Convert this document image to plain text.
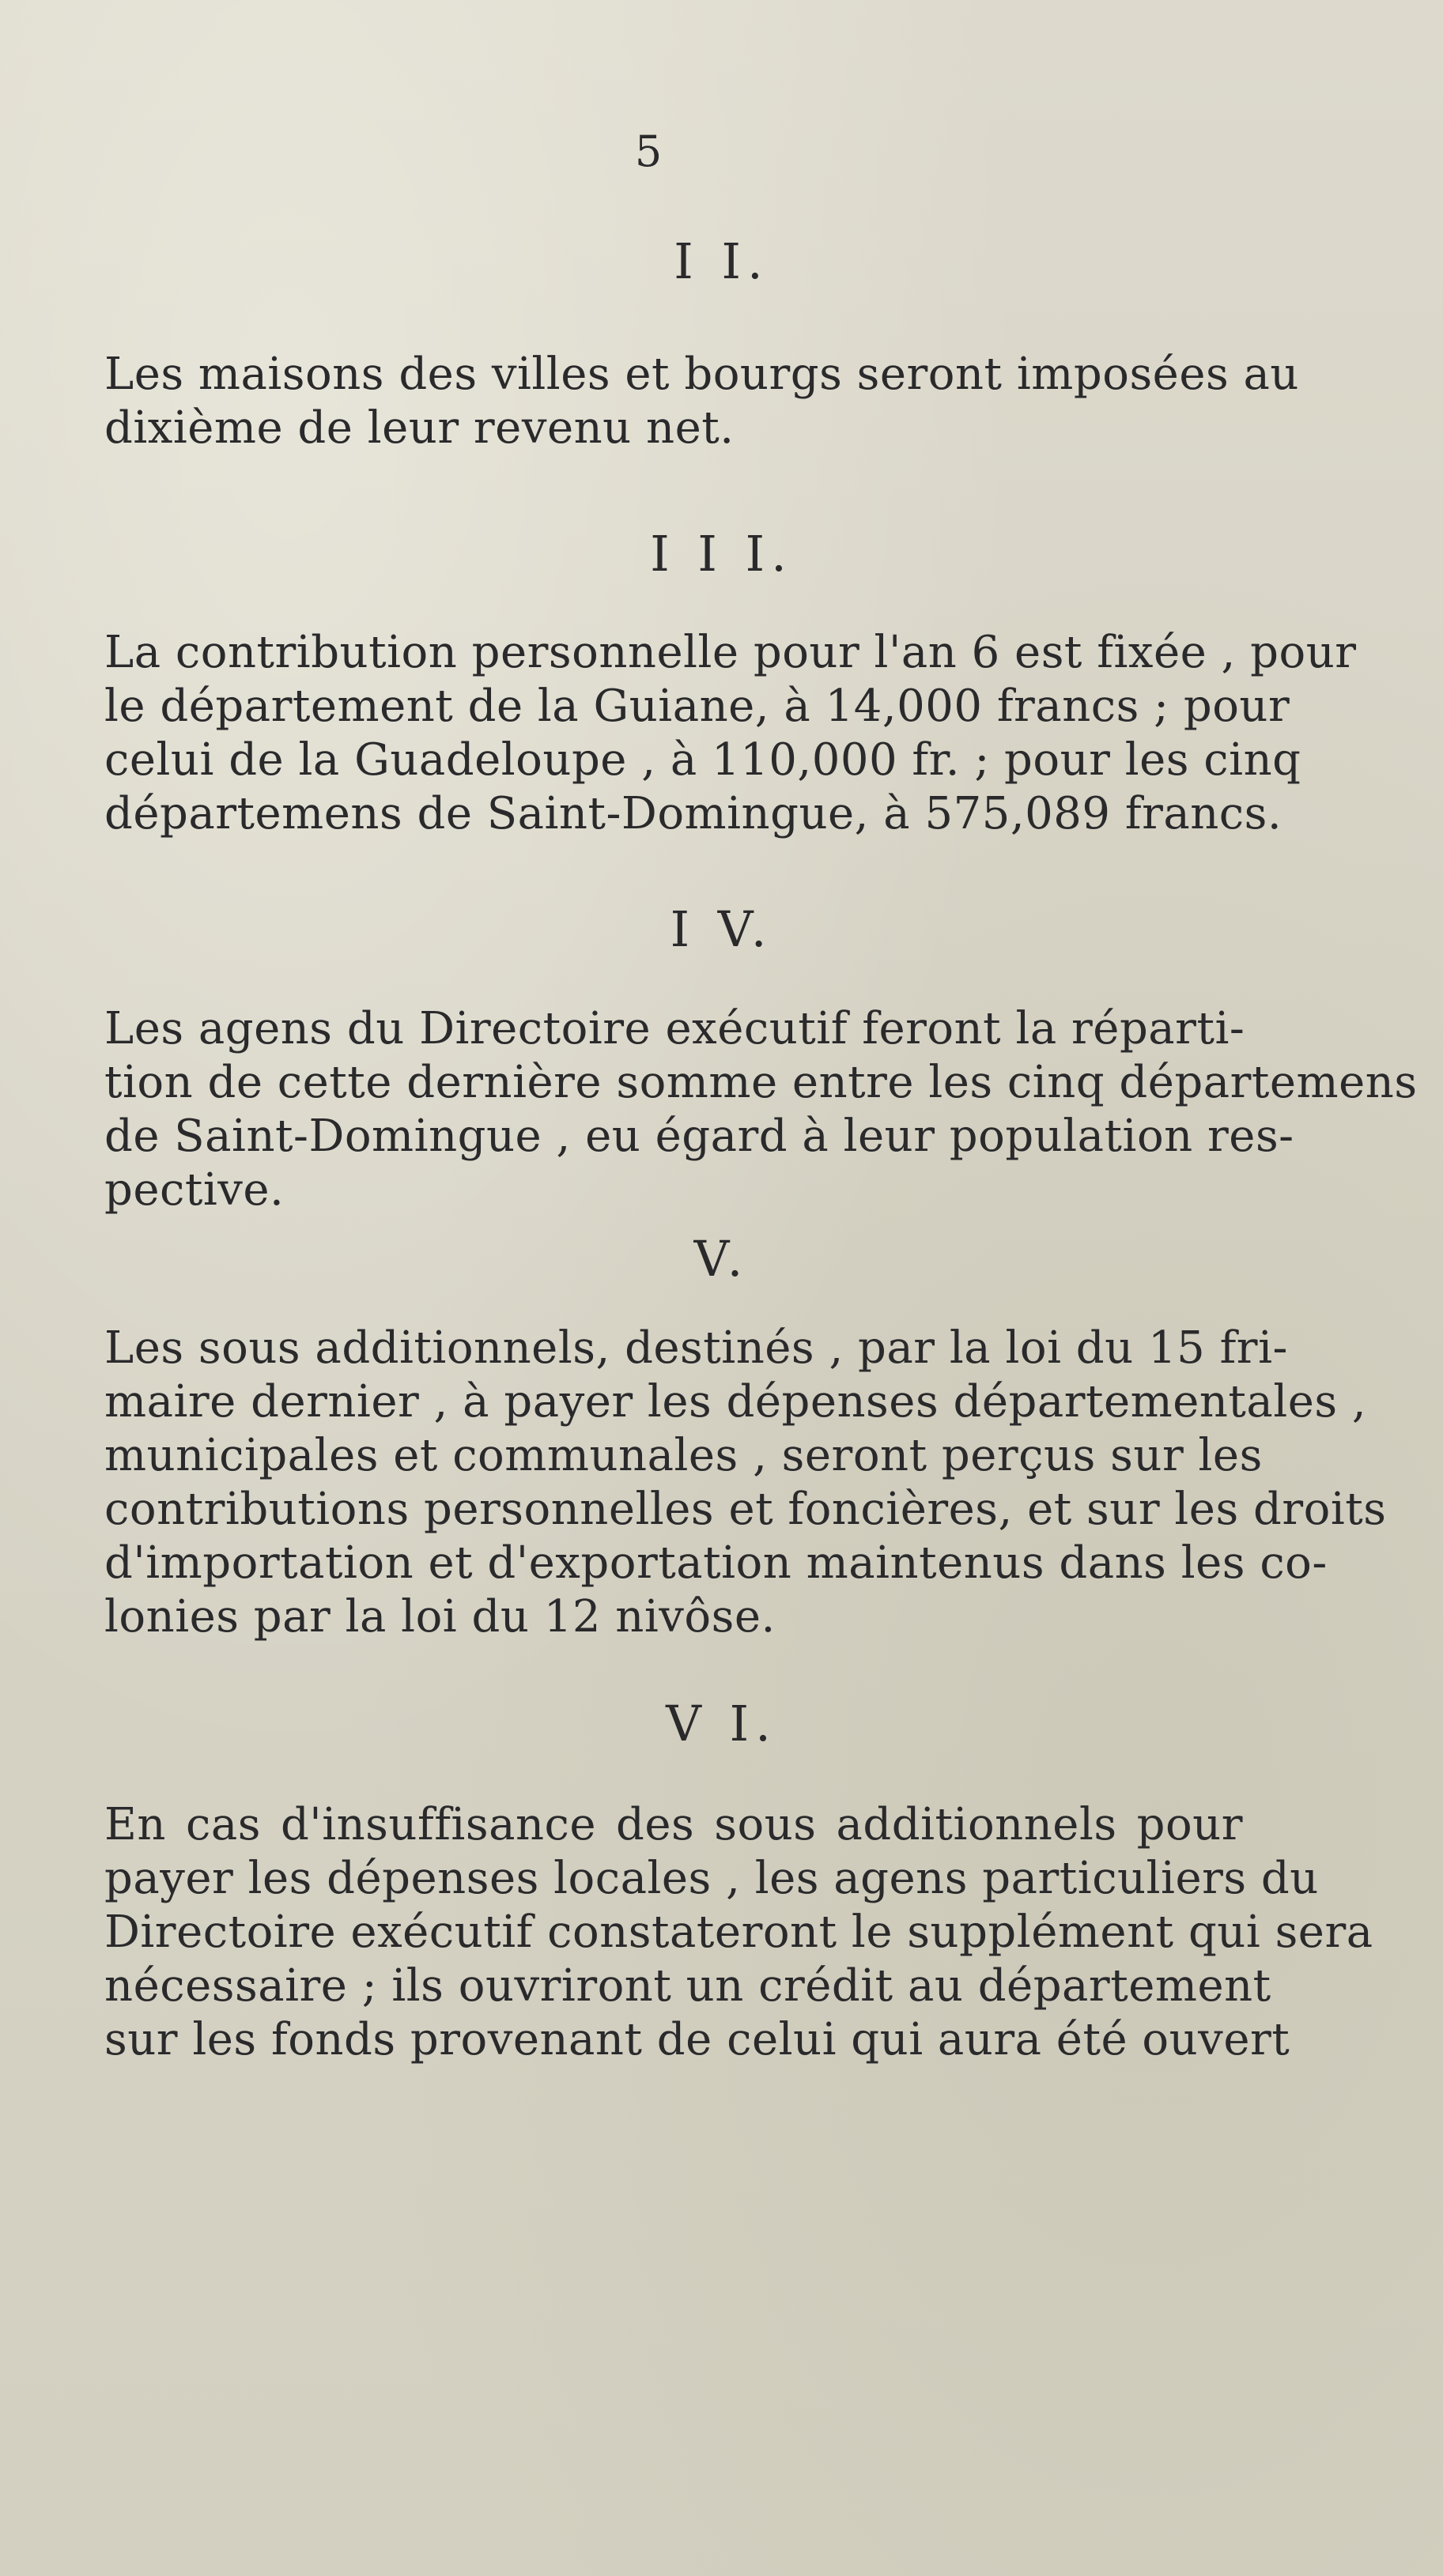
5
I I.
Les maisons des villes et bourgs seront imposées au
dixième de leur revenu net.
I I I.
La contribution personnelle pour l'an 6 est fixée , pour
le département de la Guiane, à 14,000 francs ; pour
celui de la Guadeloupe , à 110,000 fr. ; pour les cinq
départemens de Saint-Domingue, à 575,089 francs.
I V.
Les agens du Directoire exécutif feront la réparti-
tion de cette dernière somme entre les cinq départemens
de Saint-Domingue , eu égard à leur population res-
pective.
V.
Les sous additionnels, destinés , par la loi du 15 fri-
maire dernier , à payer les dépenses départementales ,
municipales et communales , seront perçus sur les
contributions personnelles et foncières, et sur les droits
d'importation et d'exportation maintenus dans les co-
lonies par la loi du 12 nivôse.
V I.
En cas d'insuffisance des sous additionnels pour
payer les dépenses locales , les agens particuliers du
Directoire exécutif constateront le supplément qui sera
nécessaire ; ils ouvriront un crédit au département
sur les fonds provenant de celui qui aura été ouvert
